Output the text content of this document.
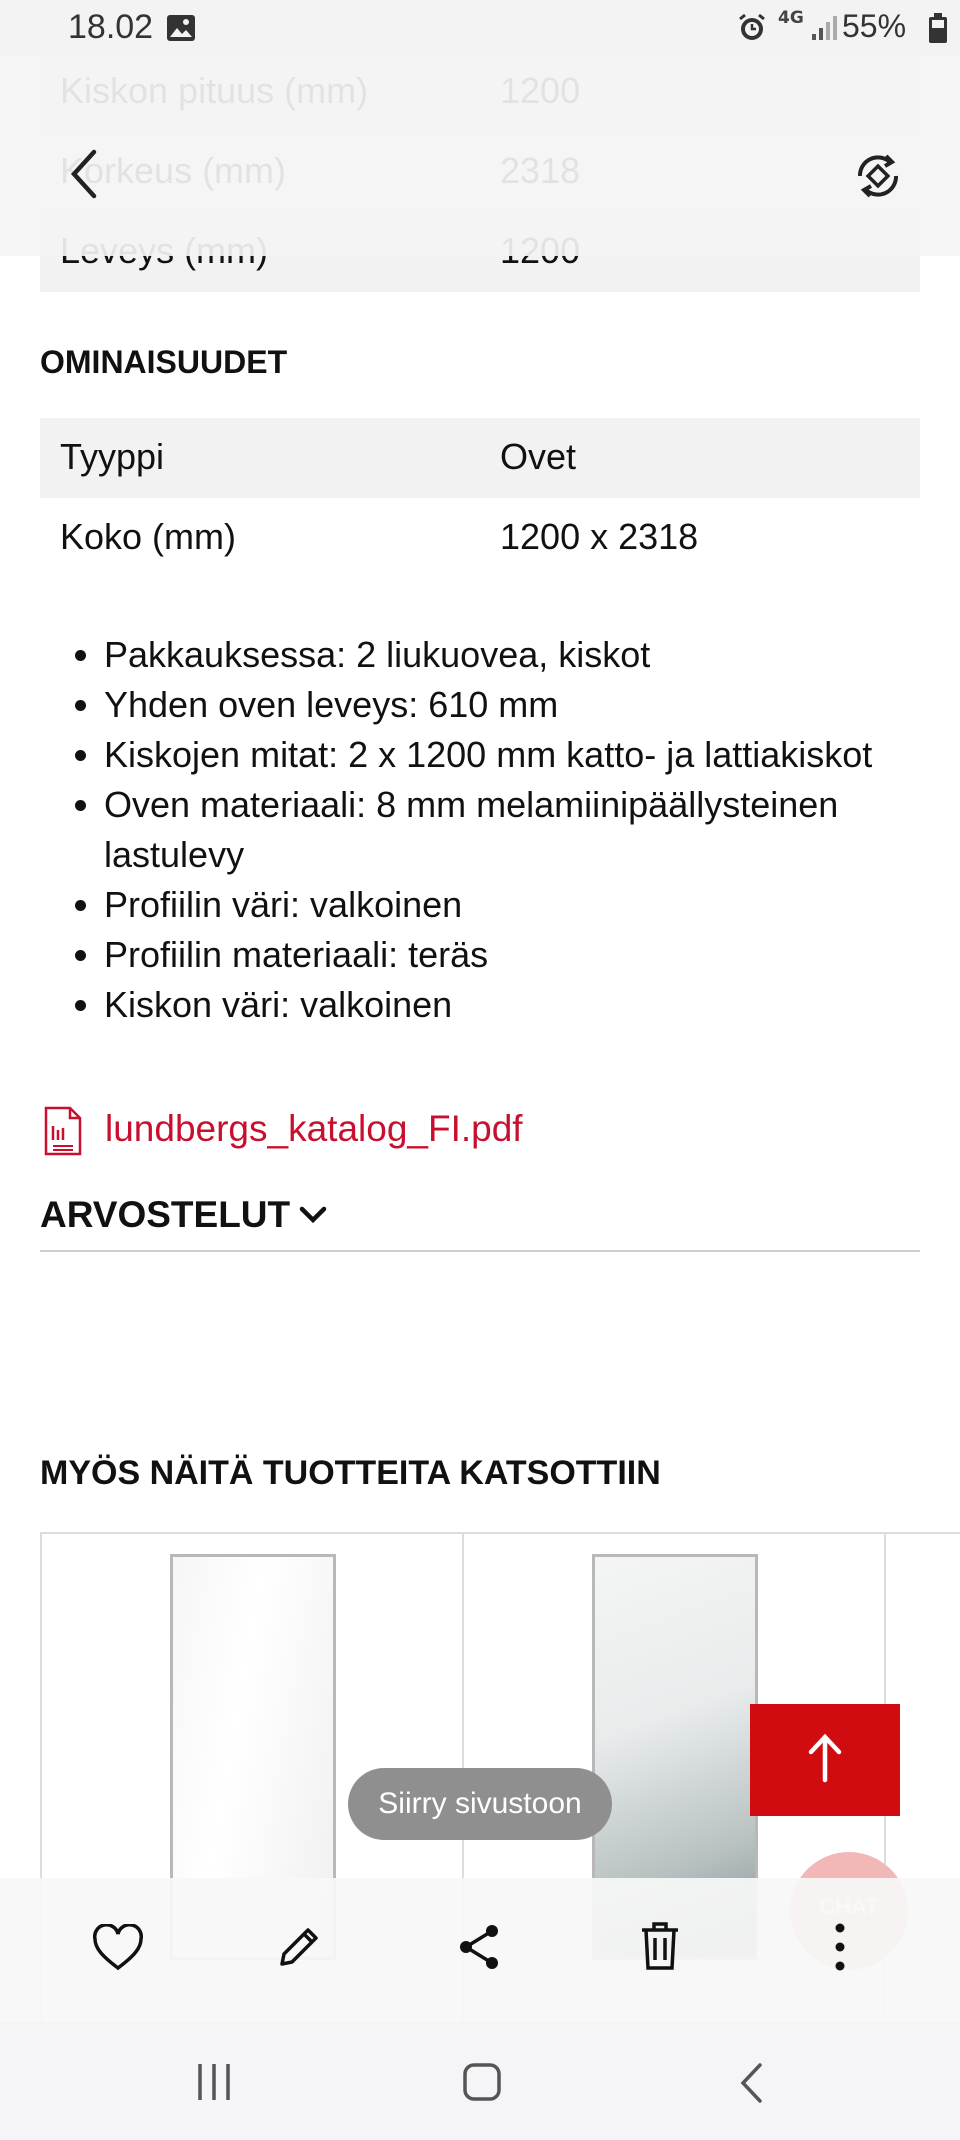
18.02	4G 55%
OMINAISUUDET
Tyyppi	Ovet
Koko (mm)	1200 x 2318
• Pakkauksessa: 2 liukuovea, kiskot
• Yhden oven leveys: 610 mm
• Kiskojen mitat: 2 x 1200 mm katto- ja lattiakiskot
• Oven materiaali: 8 mm melamiinipäällysteinen lastulevy
• Profiilin väri: valkoinen
• Profiilin materiaali: teräs
• Kiskon väri: valkoinen
lundbergs_katalog_FI.pdf
ARVOSTELUT
MYÖS NÄITÄ TUOTTEITA KATSOTTIIN
Siirry sivustoon
